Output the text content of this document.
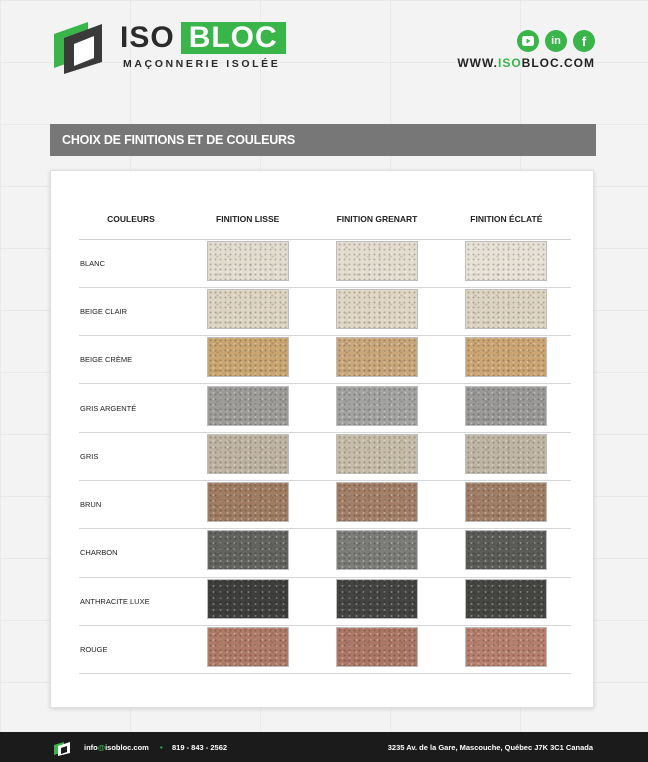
ISO BLOC
MAÇONNERIE ISOLÉE
in f
WWW.ISOBLOC.COM
CHOIX DE FINITIONS ET DE COULEURS
COULEURS	FINITION LISSE	FINITION GRENART	FINITION ÉCLATÉ
BLANC			
BEIGE CLAIR			
BEIGE CRÈME			
GRIS ARGENTÉ			
GRIS			
BRUN			
CHARBON			
ANTHRACITE LUXE			
ROUGE			
info@isobloc.com • 819 - 843 - 2562	3235 Av. de la Gare, Mascouche, Québec J7K 3C1 Canada
